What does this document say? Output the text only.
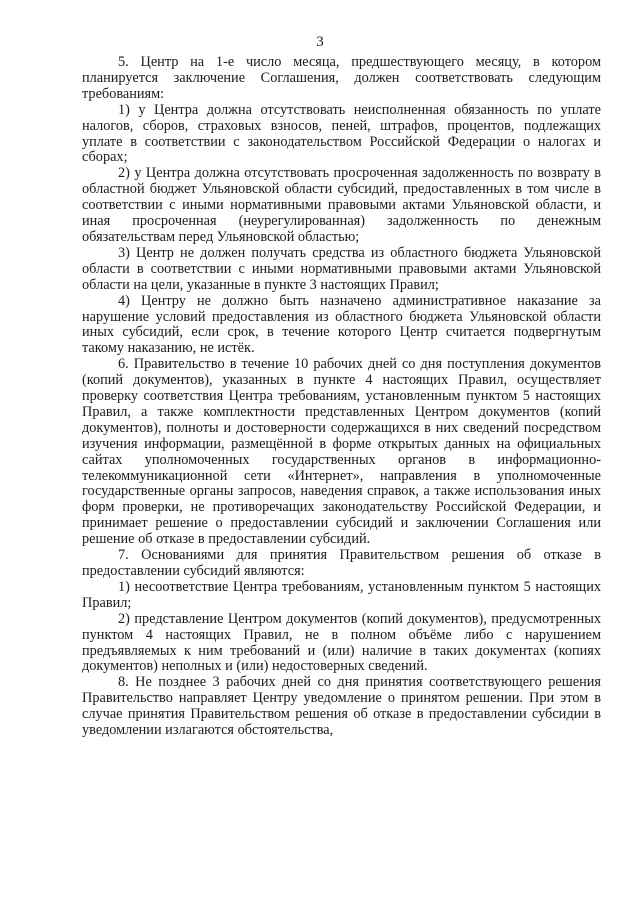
3

5. Центр на 1-е число месяца, предшествующего месяцу, в котором планируется заключение Соглашения, должен соответствовать следующим требованиям:

1) у Центра должна отсутствовать неисполненная обязанность по уплате налогов, сборов, страховых взносов, пеней, штрафов, процентов, подлежащих уплате в соответствии с законодательством Российской Федерации о налогах и сборах;

2) у Центра должна отсутствовать просроченная задолженность по возврату в областной бюджет Ульяновской области субсидий, предоставленных в том числе в соответствии с иными нормативными правовыми актами Ульяновской области, и иная просроченная (неурегулированная) задолженность по денежным обязательствам перед Ульяновской областью;

3) Центр не должен получать средства из областного бюджета Ульяновской области в соответствии с иными нормативными правовыми актами Ульяновской области на цели, указанные в пункте 3 настоящих Правил;

4) Центру не должно быть назначено административное наказание за нарушение условий предоставления из областного бюджета Ульяновской области иных субсидий, если срок, в течение которого Центр считается подвергнутым такому наказанию, не истёк.

6. Правительство в течение 10 рабочих дней со дня поступления документов (копий документов), указанных в пункте 4 настоящих Правил, осуществляет проверку соответствия Центра требованиям, установленным пунктом 5 настоящих Правил, а также комплектности представленных Центром документов (копий документов), полноты и достоверности содержащихся в них сведений посредством изучения информации, размещённой в форме открытых данных на официальных сайтах уполномоченных государственных органов в информационно-телекоммуникационной сети «Интернет», направления в уполномоченные государственные органы запросов, наведения справок, а также использования иных форм проверки, не противоречащих законодательству Российской Федерации, и принимает решение о предоставлении субсидий и заключении Соглашения или решение об отказе в предоставлении субсидий.

7. Основаниями для принятия Правительством решения об отказе в предоставлении субсидий являются:

1) несоответствие Центра требованиям, установленным пунктом 5 настоящих Правил;

2) представление Центром документов (копий документов), предусмотренных пунктом 4 настоящих Правил, не в полном объёме либо с нарушением предъявляемых к ним требований и (или) наличие в таких документах (копиях документов) неполных и (или) недостоверных сведений.

8. Не позднее 3 рабочих дней со дня принятия соответствующего решения Правительство направляет Центру уведомление о принятом решении. При этом в случае принятия Правительством решения об отказе в предоставлении субсидии в уведомлении излагаются обстоятельства,
